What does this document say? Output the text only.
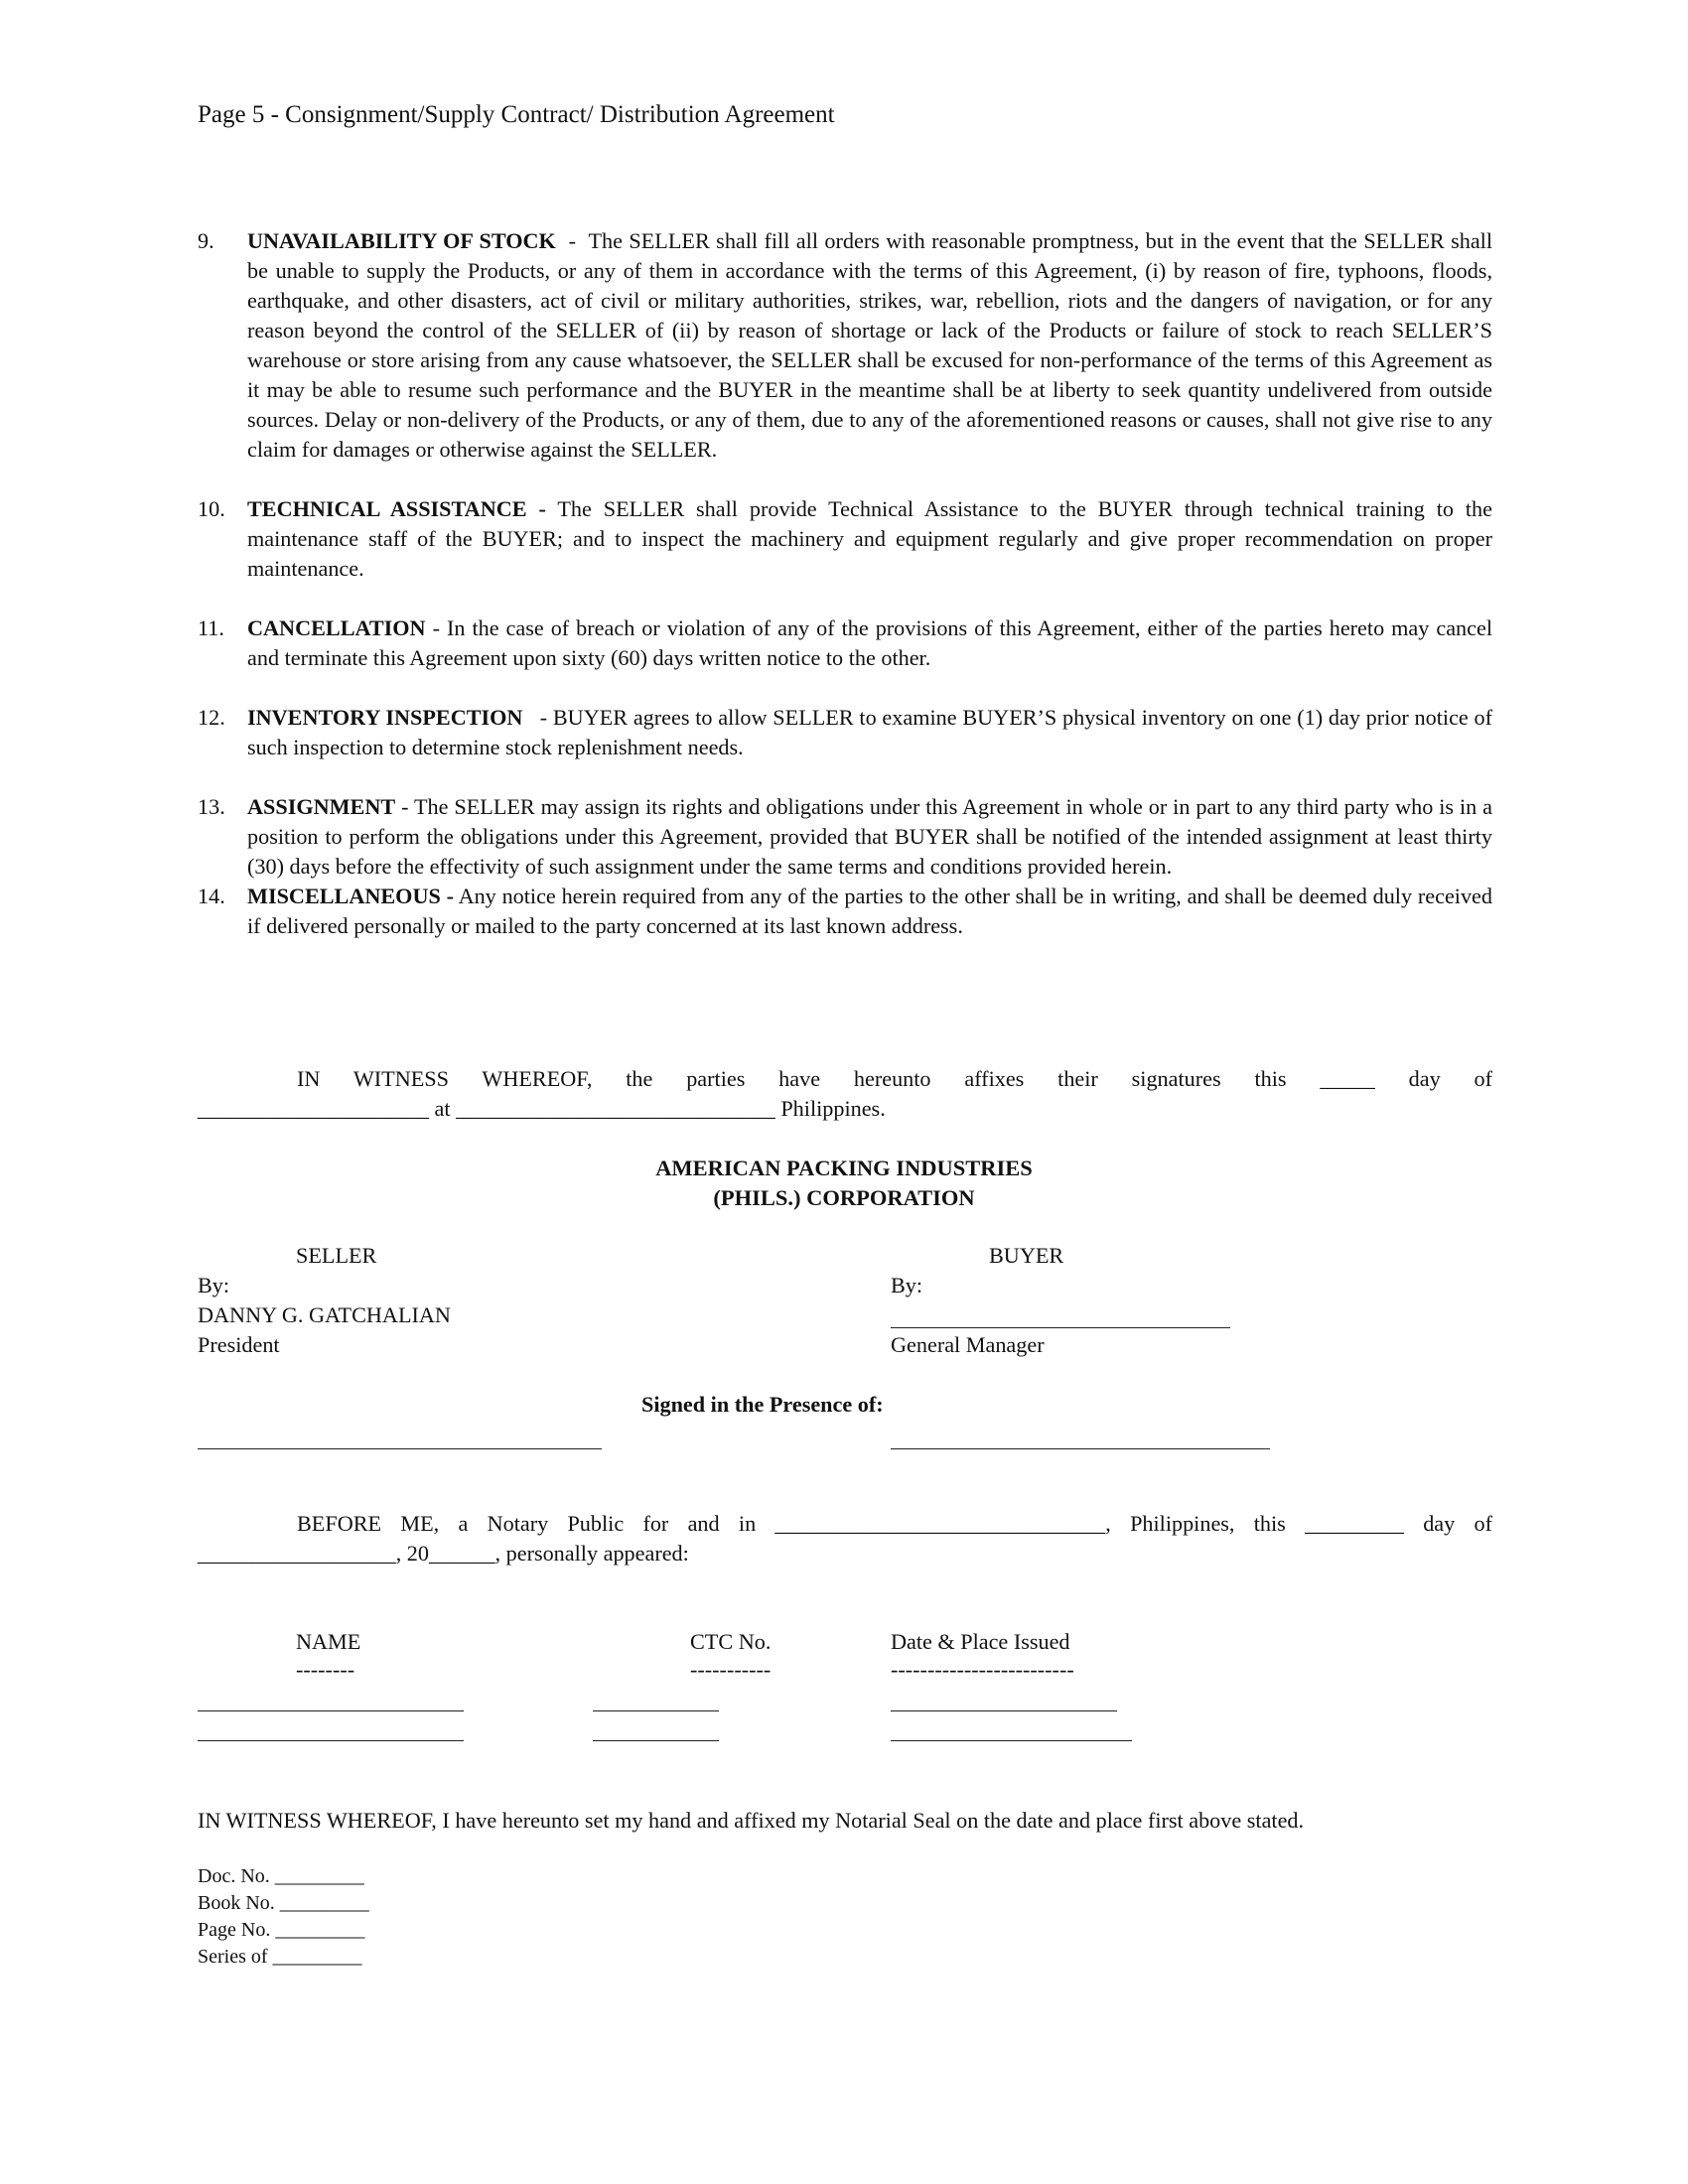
Page 5 - Consignment/Supply Contract/ Distribution Agreement
9.	UNAVAILABILITY OF STOCK  -  The SELLER shall fill all orders with reasonable promptness, but in the event that the SELLER shall be unable to supply the Products, or any of them in accordance with the terms of this Agreement, (i) by reason of fire, typhoons, floods, earthquake, and other disasters, act of civil or military authorities, strikes, war, rebellion, riots and the dangers of navigation, or for any reason beyond the control of the SELLER of (ii) by reason of shortage or lack of the Products or failure of stock to reach SELLER’S warehouse or store arising from any cause whatsoever, the SELLER shall be excused for non-performance of the terms of this Agreement as it may be able to resume such performance and the BUYER in the meantime shall be at liberty to seek quantity undelivered from outside sources. Delay or non-delivery of the Products, or any of them, due to any of the aforementioned reasons or causes, shall not give rise to any claim for damages or otherwise against the SELLER.
10.	TECHNICAL ASSISTANCE - The SELLER shall provide Technical Assistance to the BUYER through technical training to the maintenance staff of the BUYER; and to inspect the machinery and equipment regularly and give proper recommendation on proper maintenance.
11.	CANCELLATION - In the case of breach or violation of any of the provisions of this Agreement, either of the parties hereto may cancel and terminate this Agreement upon sixty (60) days written notice to the other.
12.	INVENTORY INSPECTION   - BUYER agrees to allow SELLER to examine BUYER’S physical inventory on one (1) day prior notice of such inspection to determine stock replenishment needs.
13.	ASSIGNMENT - The SELLER may assign its rights and obligations under this Agreement in whole or in part to any third party who is in a position to perform the obligations under this Agreement, provided that BUYER shall be notified of the intended assignment at least thirty (30) days before the effectivity of such assignment under the same terms and conditions provided herein.
14.	MISCELLANEOUS - Any notice herein required from any of the parties to the other shall be in writing, and shall be deemed duly received if delivered personally or mailed to the party concerned at its last known address.
IN WITNESS WHEREOF, the parties have hereunto affixes their signatures this _____ day of
_____________________ at _____________________________ Philippines.
AMERICAN PACKING INDUSTRIES
(PHILS.) CORPORATION
SELLER	BUYER
By:	By:
DANNY G. GATCHALIAN
President	General Manager
Signed in the Presence of:
BEFORE ME, a Notary Public for and in ______________________________, Philippines, this _________ day of
__________________, 20______, personally appeared:
NAME	CTC No.	Date & Place Issued
--------	-----------	-------------------------
IN WITNESS WHEREOF, I have hereunto set my hand and affixed my Notarial Seal on the date and place first above stated.
Doc. No. _________
Book No. _________
Page No. _________
Series of _________
